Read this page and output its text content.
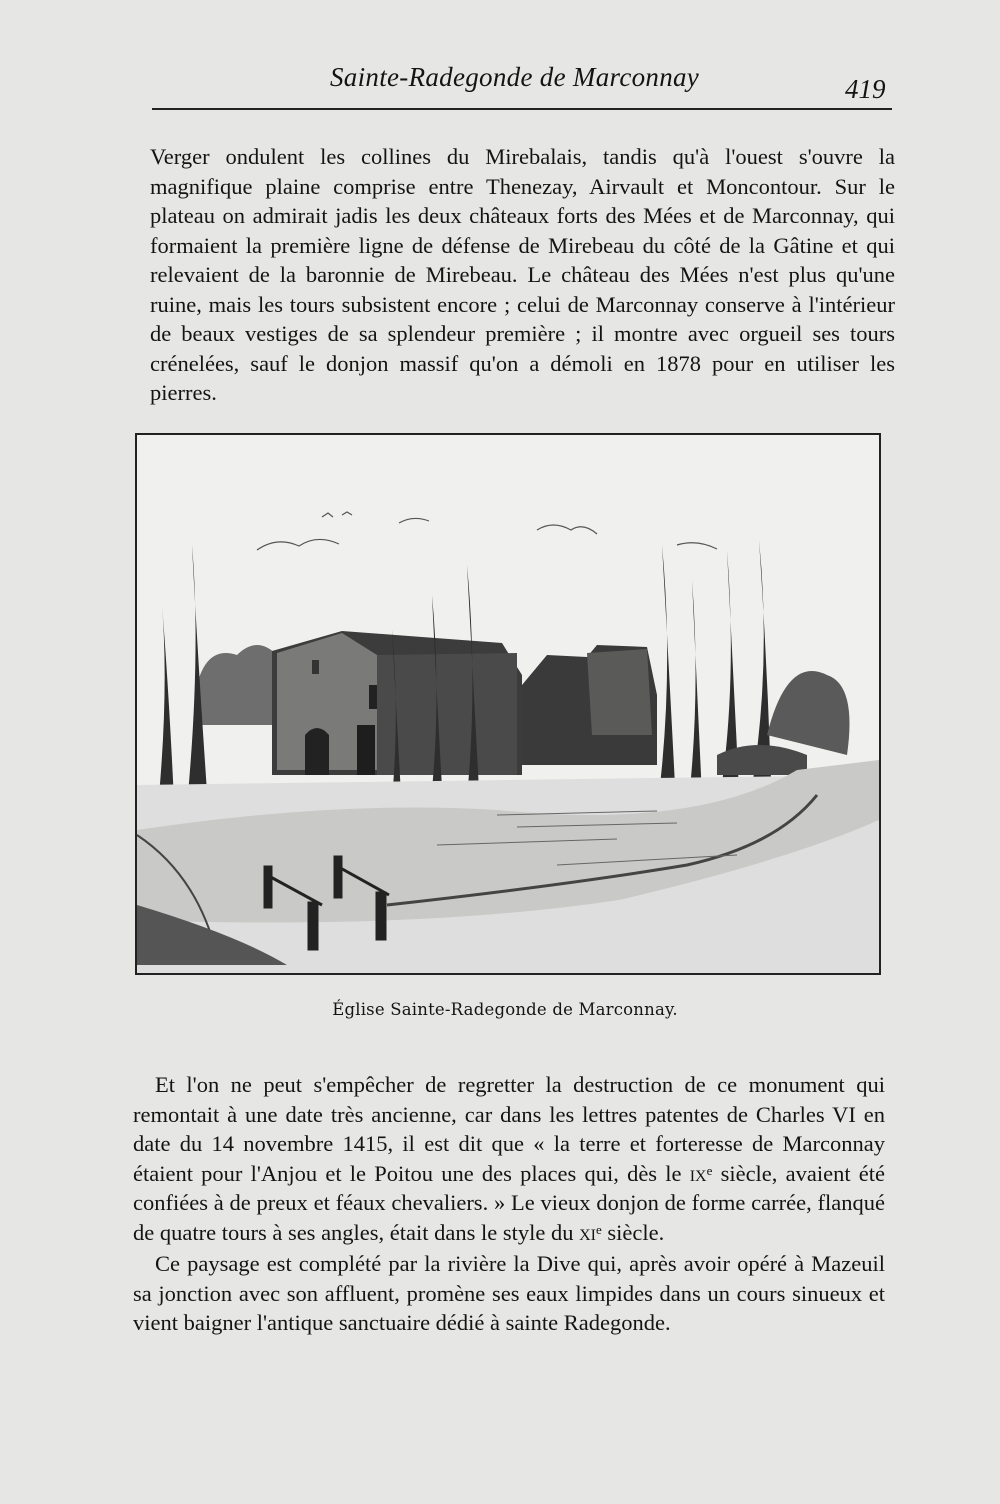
Sainte-Radegonde de Marconnay	419

Verger ondulent les collines du Mirebalais, tandis qu'à l'ouest s'ouvre la magnifique plaine comprise entre Thenezay, Airvault et Moncontour. Sur le plateau on admirait jadis les deux châteaux forts des Mées et de Marconnay, qui formaient la première ligne de défense de Mirebeau du côté de la Gâtine et qui relevaient de la baronnie de Mirebeau. Le château des Mées n'est plus qu'une ruine, mais les tours subsistent encore ; celui de Marconnay conserve à l'intérieur de beaux vestiges de sa splendeur première ; il montre avec orgueil ses tours crénelées, sauf le donjon massif qu'on a démoli en 1878 pour en utiliser les pierres.

Église Sainte-Radegonde de Marconnay.

Et l'on ne peut s'empêcher de regretter la destruction de ce monument qui remontait à une date très ancienne, car dans les lettres patentes de Charles VI en date du 14 novembre 1415, il est dit que « la terre et forteresse de Marconnay étaient pour l'Anjou et le Poitou une des places qui, dès le $ix^e$ siècle, avaient été confiées à de preux et féaux chevaliers. » Le vieux donjon de forme carrée, flanqué de quatre tours à ses angles, était dans le style du $xi^e$ siècle.

Ce paysage est complété par la rivière la Dive qui, après avoir opéré à Mazeuil sa jonction avec son affluent, promène ses eaux limpides dans un cours sinueux et vient baigner l'antique sanctuaire dédié à sainte Radegonde.
